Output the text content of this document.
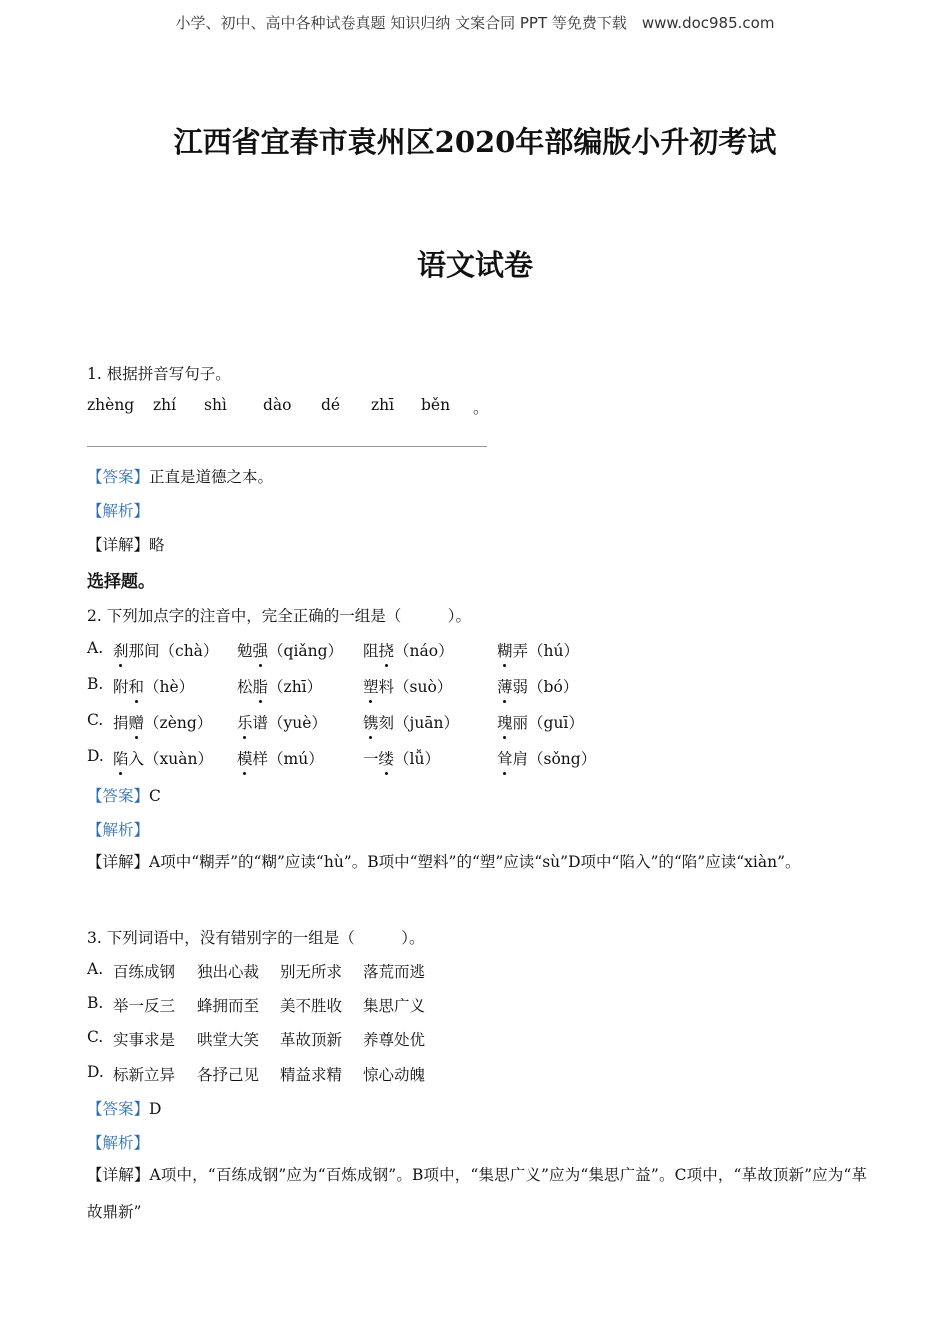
小学、初中、高中各种试卷真题 知识归纳 文案合同 PPT 等免费下载　www.doc985.com
江西省宜春市袁州区2020年部编版小升初考试
语文试卷
1. 根据拼音写句子。
zhèng zhí shì dào dé zhī běn 。
【答案】正直是道德之本。
【解析】
【详解】略
选择题。
2. 下列加点字的注音中，完全正确的一组是（　　　）。
A. 刹那间（chà） 勉强（qiǎng） 阻挠（náo）	糊弄（hú）
B. 附和（hè）	松脂（zhī）	塑料（suò）	薄弱（bó）
C. 捐赠（zèng） 乐谱（yuè） 镌刻（juān） 瑰丽（guī）
D. 陷入（xuàn） 模样（mú）	一缕（lǚ）	耸肩（sǒng）
【答案】C
【解析】
【详解】A项中“糊弄”的“糊”应读“hù”。B项中“塑料”的“塑”应读“sù”D项中“陷入”的“陷”应读“xiàn”。
3. 下列词语中，没有错别字的一组是（　　　）。
A. 百练成钢 独出心裁 别无所求 落荒而逃
B. 举一反三 蜂拥而至 美不胜收 集思广义
C. 实事求是 哄堂大笑 革故顶新 养尊处优
D. 标新立异 各抒己见 精益求精 惊心动魄
【答案】D
【解析】
【详解】A项中，“百练成钢”应为“百炼成钢”。B项中，“集思广义”应为“集思广益”。C项中，“革故顶新”应为“革故鼎新”
